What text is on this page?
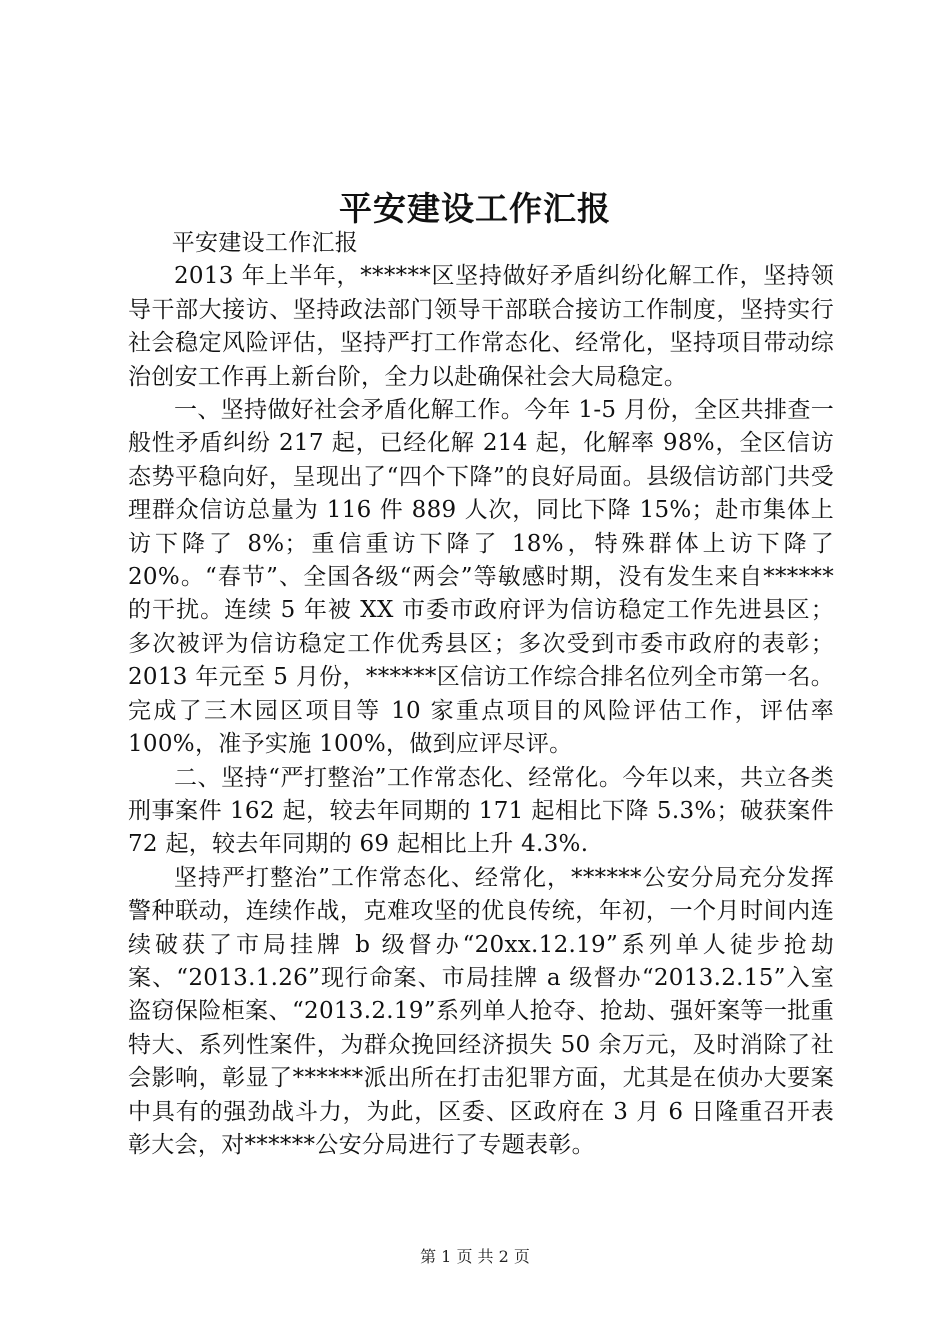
平安建设工作汇报

平安建设工作汇报

2013 年上半年，******区坚持做好矛盾纠纷化解工作，坚持领导干部大接访、坚持政法部门领导干部联合接访工作制度，坚持实行社会稳定风险评估，坚持严打工作常态化、经常化，坚持项目带动综治创安工作再上新台阶，全力以赴确保社会大局稳定。

一、坚持做好社会矛盾化解工作。今年 1-5 月份，全区共排查一般性矛盾纠纷 217 起，已经化解 214 起，化解率 98%，全区信访态势平稳向好，呈现出了“四个下降”的良好局面。县级信访部门共受理群众信访总量为 116 件 889 人次，同比下降 15%；赴市集体上访下降了 8%；重信重访下降了 18%，特殊群体上访下降了 20%。“春节”、全国各级“两会”等敏感时期，没有发生来自******的干扰。连续 5 年被 XX 市委市政府评为信访稳定工作先进县区；多次被评为信访稳定工作优秀县区；多次受到市委市政府的表彰；2013 年元至 5 月份，******区信访工作综合排名位列全市第一名。完成了三木园区项目等 10 家重点项目的风险评估工作，评估率 100%，准予实施 100%，做到应评尽评。

二、坚持“严打整治”工作常态化、经常化。今年以来，共立各类刑事案件 162 起，较去年同期的 171 起相比下降 5.3%；破获案件 72 起，较去年同期的 69 起相比上升 4.3%.

坚持严打整治”工作常态化、经常化，******公安分局充分发挥警种联动，连续作战，克难攻坚的优良传统，年初，一个月时间内连续破获了市局挂牌 b 级督办“20xx.12.19”系列单人徒步抢劫案、“2013.1.26”现行命案、市局挂牌 a 级督办“2013.2.15”入室盗窃保险柜案、“2013.2.19”系列单人抢夺、抢劫、强奸案等一批重特大、系列性案件，为群众挽回经济损失 50 余万元，及时消除了社会影响，彰显了******派出所在打击犯罪方面，尤其是在侦办大要案中具有的强劲战斗力，为此，区委、区政府在 3 月 6 日隆重召开表彰大会，对******公安分局进行了专题表彰。

第 1 页 共 2 页
